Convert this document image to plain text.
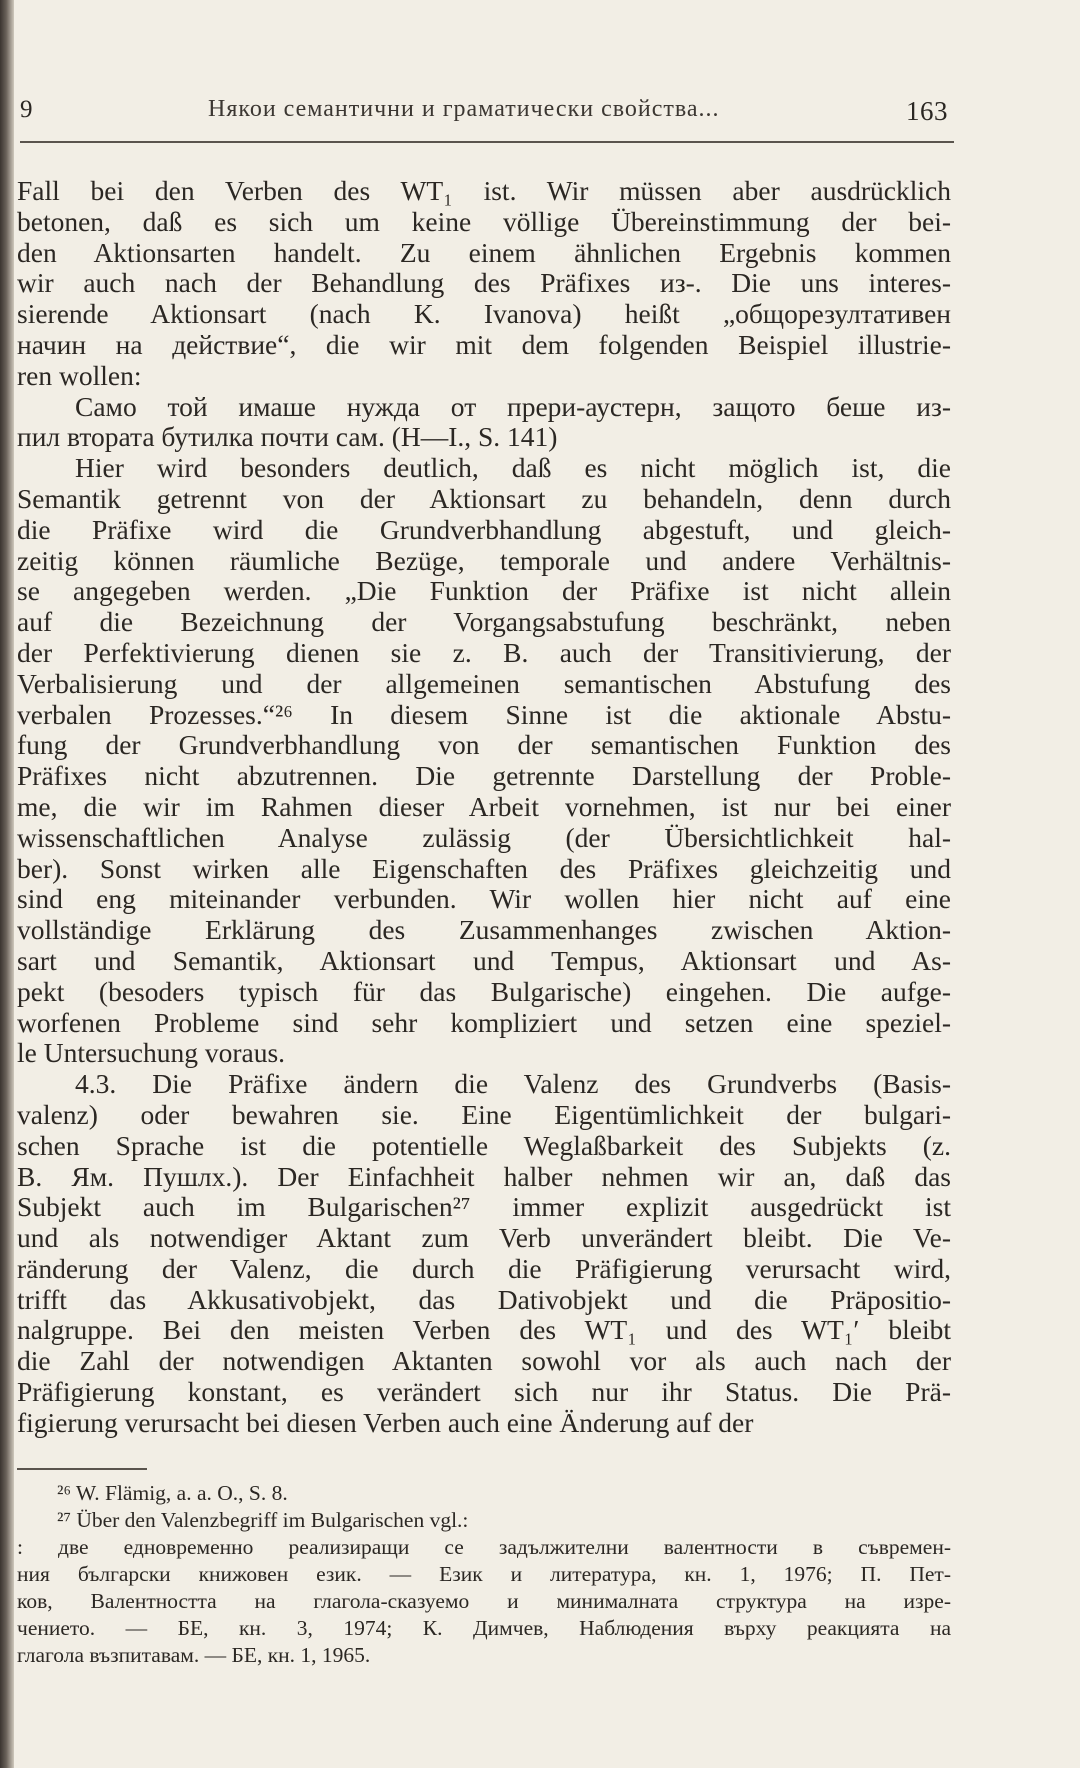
9	Някои семантични и граматически свойства...	163
Fall bei den Verben des WT₁ ist. Wir müssen aber ausdrücklich
betonen, daß es sich um keine völlige Übereinstimmung der bei-
den Aktionsarten handelt. Zu einem ähnlichen Ergebnis kommen
wir auch nach der Behandlung des Präfixes из-. Die uns interes-
sierende Aktionsart (nach K. Ivanova) heißt „общорезултативен
начин на действие“, die wir mit dem folgenden Beispiel illustrie-
ren wollen:
Само той имаше нужда от прери-аустерн, защото беше из-
пил втората бутилка почти сам. (Н—I., S. 141)
Hier wird besonders deutlich, daß es nicht möglich ist, die
Semantik getrennt von der Aktionsart zu behandeln, denn durch
die Präfixe wird die Grundverbhandlung abgestuft, und gleich-
zeitig können räumliche Bezüge, temporale und andere Verhältnis-
se angegeben werden. „Die Funktion der Präfixe ist nicht allein
auf die Bezeichnung der Vorgangsabstufung beschränkt, neben
der Perfektivierung dienen sie z. B. auch der Transitivierung, der
Verbalisierung und der allgemeinen semantischen Abstufung des
verbalen Prozesses.“²⁶ In diesem Sinne ist die aktionale Abstu-
fung der Grundverbhandlung von der semantischen Funktion des
Präfixes nicht abzutrennen. Die getrennte Darstellung der Proble-
me, die wir im Rahmen dieser Arbeit vornehmen, ist nur bei einer
wissenschaftlichen Analyse zulässig (der Übersichtlichkeit hal-
ber). Sonst wirken alle Eigenschaften des Präfixes gleichzeitig und
sind eng miteinander verbunden. Wir wollen hier nicht auf eine
vollständige Erklärung des Zusammenhanges zwischen Aktion-
sart und Semantik, Aktionsart und Tempus, Aktionsart und As-
pekt (besoders typisch für das Bulgarische) eingehen. Die aufge-
worfenen Probleme sind sehr kompliziert und setzen eine speziel-
le Untersuchung voraus.
4.3. Die Präfixe ändern die Valenz des Grundverbs (Basis-
valenz) oder bewahren sie. Eine Eigentümlichkeit der bulgari-
schen Sprache ist die potentielle Weglaßbarkeit des Subjekts (z.
B. Ям. Пушлх.). Der Einfachheit halber nehmen wir an, daß das
Subjekt auch im Bulgarischen²⁷ immer explizit ausgedrückt ist
und als notwendiger Aktant zum Verb unverändert bleibt. Die Ve-
ränderung der Valenz, die durch die Präfigierung verursacht wird,
trifft das Akkusativobjekt, das Dativobjekt und die Präpositio-
nalgruppe. Bei den meisten Verben des WT₁ und des WT₁′ bleibt
die Zahl der notwendigen Aktanten sowohl vor als auch nach der
Präfigierung konstant, es verändert sich nur ihr Status. Die Prä-
figierung verursacht bei diesen Verben auch eine Änderung auf der
²⁶ W. Flämig, a. a. O., S. 8.
²⁷ Über den Valenzbegriff im Bulgarischen vgl.:
: две едновременно реализиращи се задължителни валентности в съвремен-
ния български книжовен език. — Език и литература, кн. 1, 1976; П. Пет-
ков, Валентността на глагола-сказуемо и минималната структура на изре-
чението. — БЕ, кн. 3, 1974; К. Димчев, Наблюдения върху реакцията на
глагола възпитавам. — БЕ, кн. 1, 1965.
